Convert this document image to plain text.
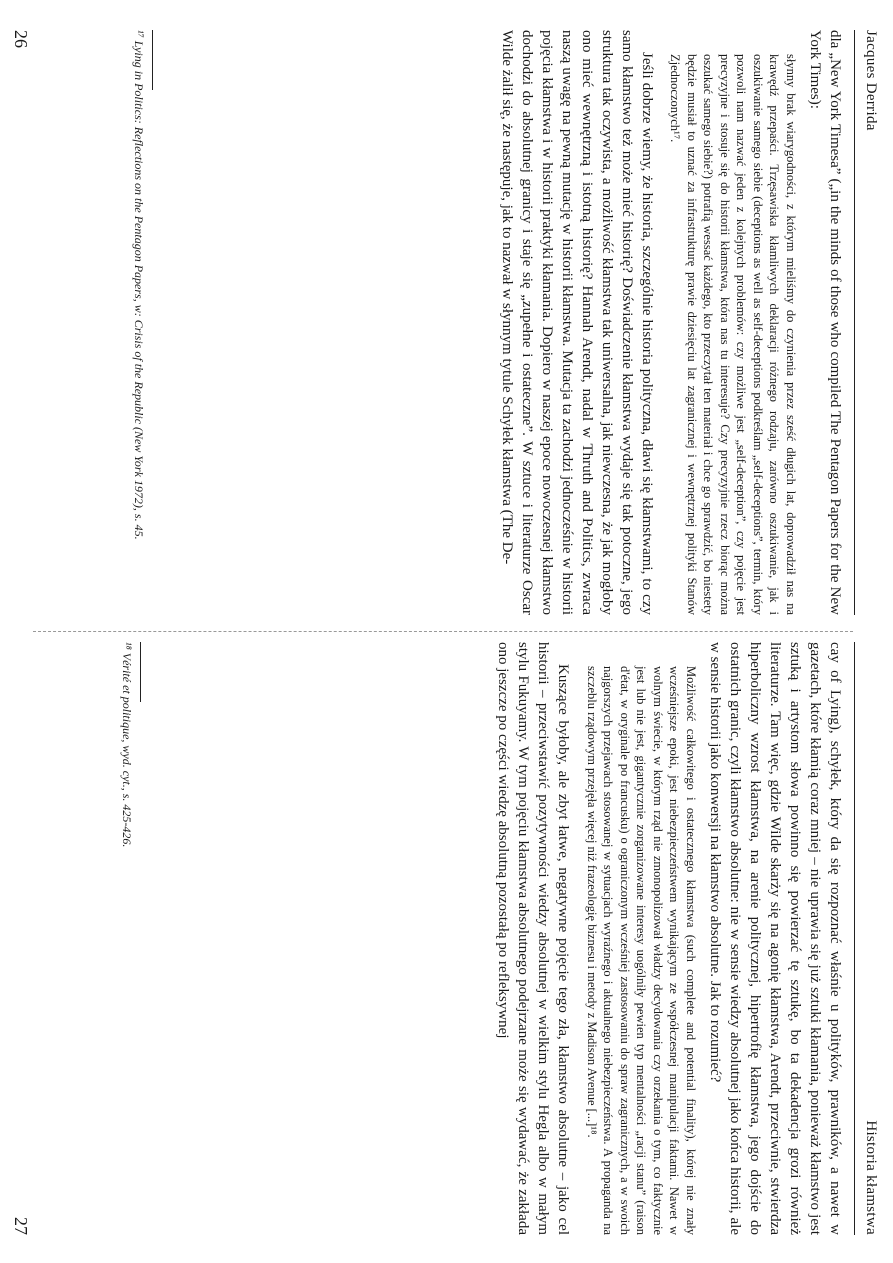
Jacques Derrida

dla „New York Timesa” („in the minds of those who compiled The Pentagon Papers for the New York Times):

słynny brak wiarygodności, z którym mieliśmy do czynienia przez sześć długich lat, doprowadził nas na krawędź przepaści. Trzęsawiska kłamliwych deklaracji różnego rodzaju, zarówno oszukiwanie, jak i oszukiwanie samego siebie (deceptions as well as self-deceptions podkreślam „self-deceptions”, termin, który pozwoli nam nazwać jeden z kolejnych problemów: czy możliwe jest „self-deception”, czy pojęcie jest precyzyjne i stosuje się do historii kłamstwa, która nas tu interesuje? Czy precyzyjnie rzecz biorąc można oszukać samego siebie?) potrafią wessać każdego, kto przeczytał ten materiał i chce go sprawdzić, bo niestety będzie musiał to uznać za infrastrukturę prawie dziesięciu lat zagranicznej i wewnętrznej polityki Stanów Zjednoczonych¹⁷.

Jeśli dobrze wiemy, że historia, szczególnie historia polityczna, dławi się kłamstwami, to czy samo kłamstwo też może mieć historię? Doświadczenie kłamstwa wydaje się tak potoczne, jego struktura tak oczywista, a możliwość kłamstwa tak uniwersalna, jak niewczesna, że jak mogłoby ono mieć wewnętrzną i istotną historię? Hannah Arendt, nadal w Thruth and Politics, zwraca naszą uwagę na pewną mutację w historii kłamstwa. Mutacja ta zachodzi jednocześnie w historii pojęcia kłamstwa i w historii praktyki kłamania. Dopiero w naszej epoce nowoczesnej kłamstwo dochodzi do absolutnej granicy i staje się „zupełne i ostateczne”. W sztuce i literaturze Oscar Wilde żalił się, że następuje, jak to nazwał w słynnym tytule Schyłek kłamstwa (The De-

¹⁷ Lying in Politics: Reflections on the Pentagon Papers, w: Crisis of the Republic (New York 1972), s. 45.
26
Historia kłamstwa

cay of Lying), schyłek, który da się rozpoznać właśnie u polityków, prawników, a nawet w gazetach, które kłamią coraz mniej – nie uprawia się już sztuki kłamania, ponieważ kłamstwo jest sztuką i artystom słowa powinno się powierzać tę sztukę, bo ta dekadencja grozi również literaturze. Tam więc, gdzie Wilde skarży się na agonię kłamstwa, Arendt, przeciwnie, stwierdza hiperboliczny wzrost kłamstwa, na arenie politycznej, hipertrofię kłamstwa, jego dojście do ostatnich granic, czyli kłamstwo absolutne: nie w sensie wiedzy absolutnej jako końca historii, ale w sensie historii jako konwersji na kłamstwo absolutne. Jak to rozumieć?

Możliwość całkowitego i ostatecznego kłamstwa (such complete and potential finality), której nie znały wcześniejsze epoki, jest niebezpieczeństwem wynikającym ze współczesnej manipulacji faktami. Nawet w wolnym świecie, w którym rząd nie zmonopolizował władzy decydowania czy orzekania o tym, co faktycznie jest lub nie jest, gigantycznie zorganizowane interesy uogólniły pewien typ mentalności „racji stanu” (raison d'état, w oryginale po francusku) o ograniczonym wcześniej zastosowaniu do spraw zagranicznych, a w swoich najgorszych przejawach stosowanej w sytuacjach wyraźnego i aktualnego niebezpieczeństwa. A propaganda na szczeblu rządowym przejęła więcej niż frazeologię biznesu i metody z Madison Avenue [...]¹⁸.

Kuszące byłoby, ale zbyt łatwe, negatywne pojęcie tego zła, kłamstwo absolutne – jako cel historii – przeciwstawić pozytywności wiedzy absolutnej w wielkim stylu Hegla albo w małym stylu Fukuyamy. W tym pojęciu kłamstwa absolutnego podejrzane może się wydawać, że zakłada ono jeszcze po części wiedzę absolutną pozostałą po refleksywnej

¹⁸ Vérité et politique, wyd. cyt., s. 425-426.
27
